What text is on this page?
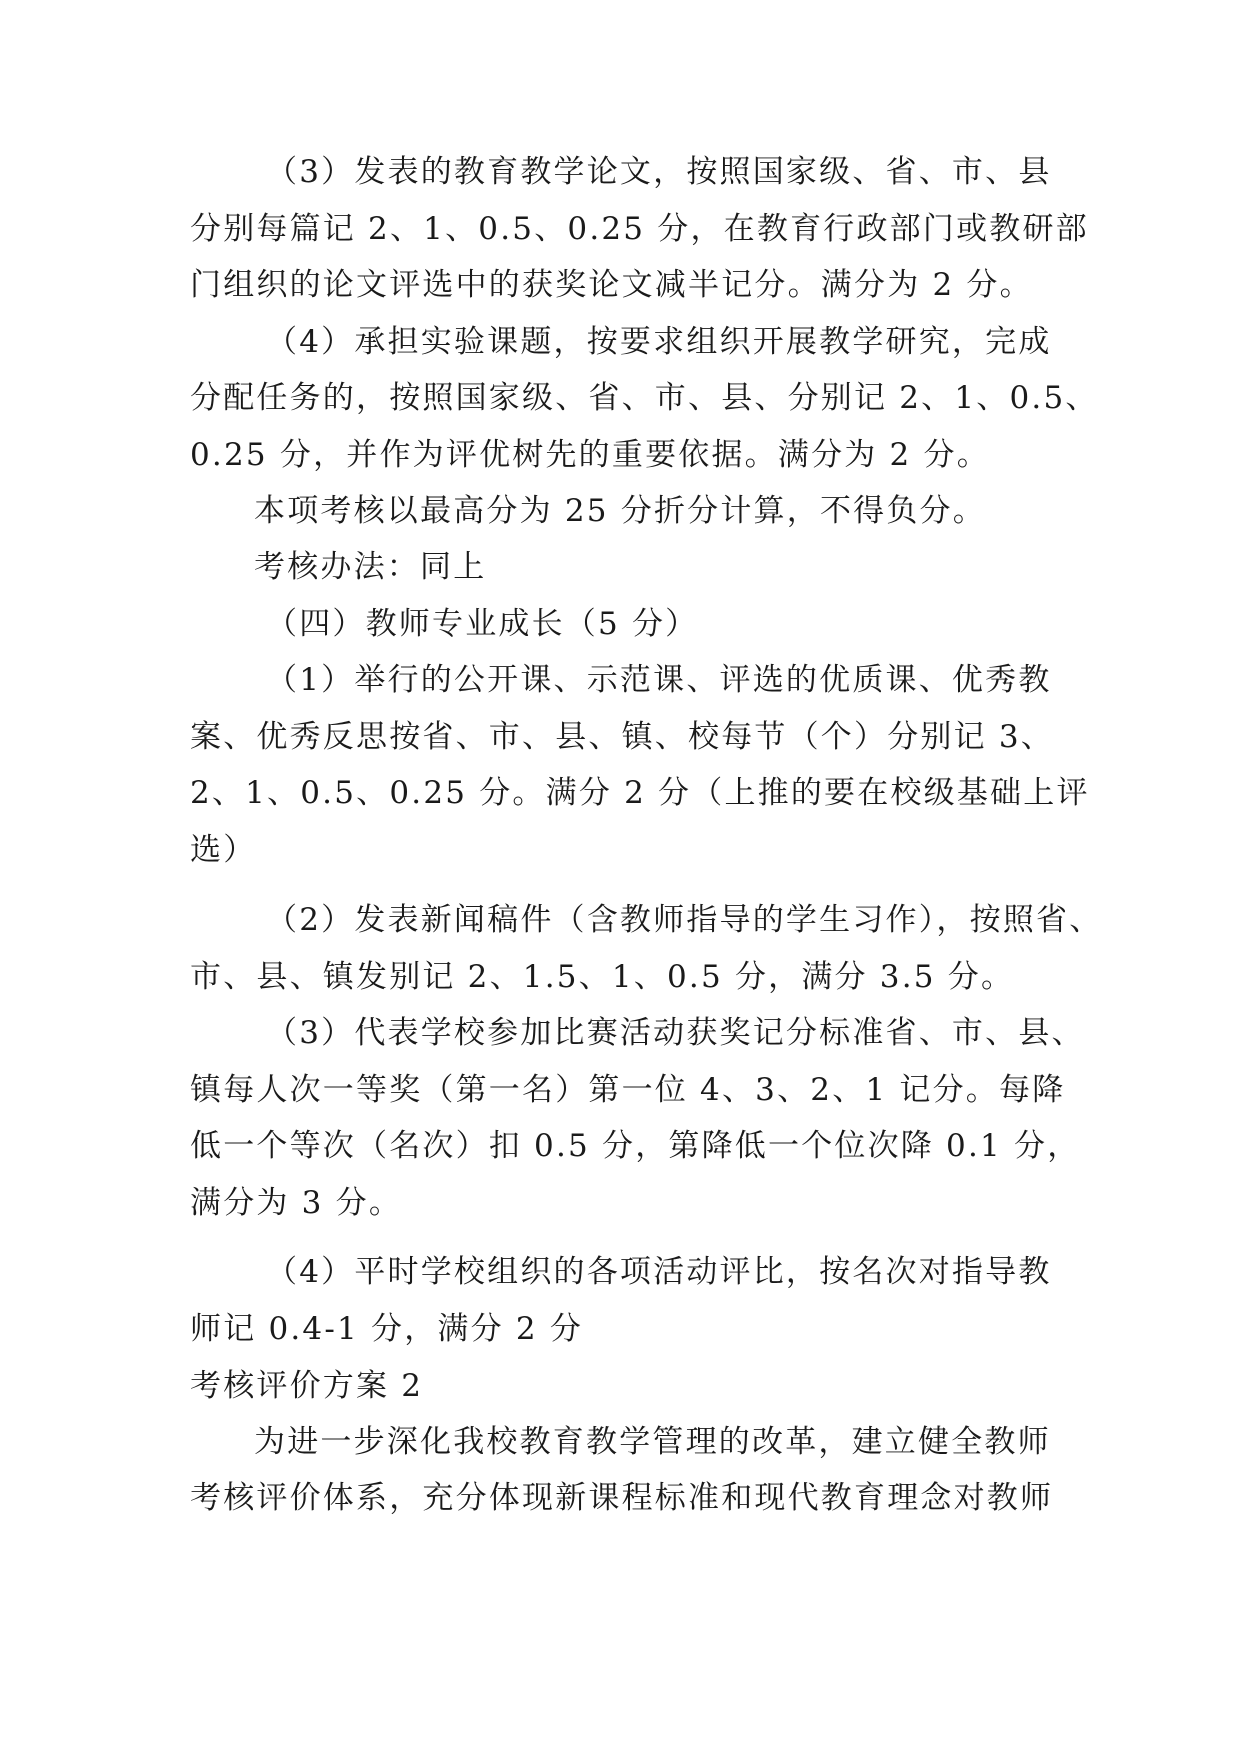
（3）发表的教育教学论文，按照国家级、省、市、县
分别每篇记 2、1、0.5、0.25 分，在教育行政部门或教研部
门组织的论文评选中的获奖论文减半记分。满分为 2 分。
（4）承担实验课题，按要求组织开展教学研究，完成
分配任务的，按照国家级、省、市、县、分别记 2、1、0.5、
0.25 分，并作为评优树先的重要依据。满分为 2 分。
本项考核以最高分为 25 分折分计算，不得负分。
考核办法：同上
（四）教师专业成长（5 分）
（1）举行的公开课、示范课、评选的优质课、优秀教
案、优秀反思按省、市、县、镇、校每节（个）分别记 3、
2、1、0.5、0.25 分。满分 2 分（上推的要在校级基础上评
选）
（2）发表新闻稿件（含教师指导的学生习作），按照省、
市、县、镇发别记 2、1.5、1、0.5 分，满分 3.5 分。
（3）代表学校参加比赛活动获奖记分标准省、市、县、
镇每人次一等奖（第一名）第一位 4、3、2、1 记分。每降
低一个等次（名次）扣 0.5 分，第降低一个位次降 0.1 分，
满分为 3 分。
（4）平时学校组织的各项活动评比，按名次对指导教
师记 0.4-1 分，满分 2 分
考核评价方案 2
为进一步深化我校教育教学管理的改革，建立健全教师
考核评价体系，充分体现新课程标准和现代教育理念对教师
